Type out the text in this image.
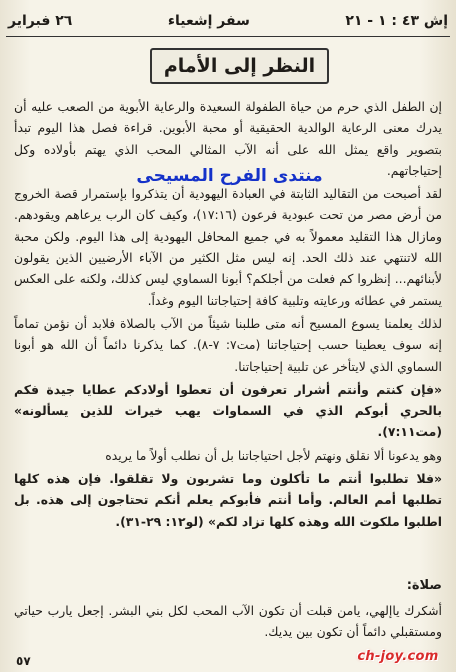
إش ٤٣ : ١ - ٢١
سفر إشعياء
٢٦ فبراير
النظر إلى الأمام

إن الطفل الذي حرم من حياة الطفولة السعيدة والرعاية الأبوية من الصعب عليه أن يدرك معنى الرعاية الوالدية الحقيقية أو محبة الأبوين. قراءة فصل هذا اليوم تبدأ بتصوير واقع يمثل الله على أنه الآب المثالي المحب الذي يهتم بأولاده وكل إحتياجاتهم.

لقد أصبحت من التقاليد الثابتة في العبادة اليهودية أن يتذكروا بإستمرار قصة الخروج من أرض مصر من تحت عبودية فرعون (١٧:١٦)، وكيف كان الرب يرعاهم ويقودهم. ومازال هذا التقليد معمولاً به في جميع المحافل اليهودية إلى هذا اليوم. ولكن محبة الله لاتنتهي عند ذلك الحد. إنه ليس مثل الكثير من الآباء الأرضيين الذين يقولون لأبنائهم... إنظروا كم فعلت من أجلكم؟ أبونا السماوي ليس كذلك، ولكنه على العكس يستمر في عطائه ورعايته وتلبية كافة إحتياجاتنا اليوم وغداً.

لذلك يعلمنا يسوع المسيح أنه متى طلبنا شيئاً من الآب بالصلاة فلابد أن نؤمن تماماً إنه سوف يعطينا حسب إحتياجاتنا (مت٧: ٧-٨). كما يذكرنا دائماً أن الله هو أبونا السماوي الذي لايتأخر عن تلبية إحتياجاتنا.

«فإن كنتم وأنتم أشرار تعرفون أن تعطوا أولادكم عطايا جيدة فكم بالحري أبوكم الذي في السماوات يهب خيرات للذين يسألونه» (مت٧:١١).

وهو يدعونا ألا نقلق ونهتم لأجل احتياجاتنا بل أن نطلب أولاً ما يريده

«فلا تطلبوا أنتم ما تأكلون وما تشربون ولا تقلقوا. فإن هذه كلها تطلبها أمم العالم. وأما أنتم فأبوكم يعلم أنكم تحتاجون إلى هذه. بل اطلبوا ملكوت الله وهذه كلها تزاد لكم» (لو١٢: ٢٩-٣١).

منتدى الفرح المسيحى
صلاة:
أشكرك ياإلهي، يامن قبلت أن تكون الآب المحب لكل بني البشر. إجعل يارب حياتي ومستقبلي دائماً أن تكون بين يديك.
٥٧	ch-joy.com
